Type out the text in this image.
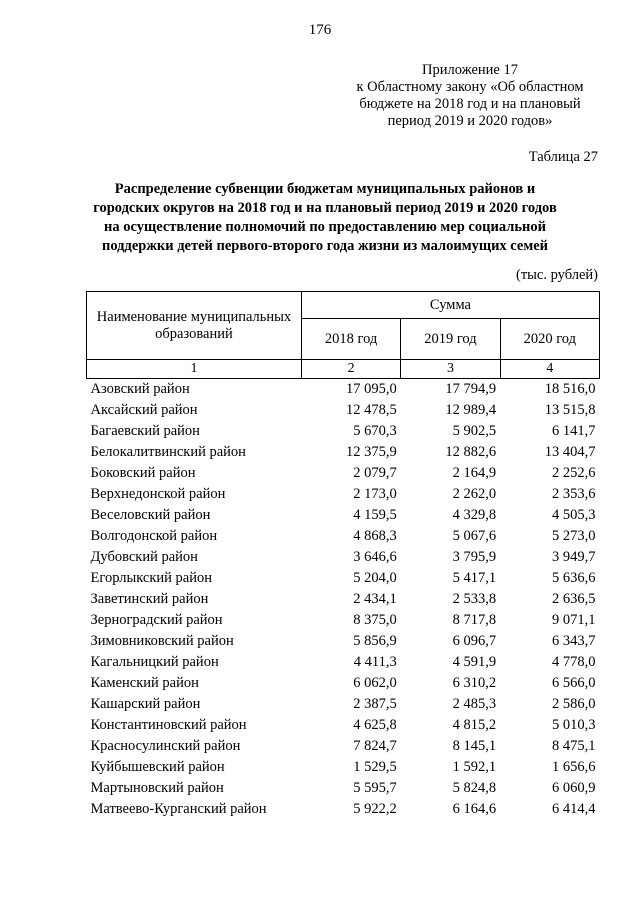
176
Приложение 17
к Областному закону «Об областном
бюджете на 2018 год и на плановый
период 2019 и 2020 годов»
Таблица 27
Распределение субвенции бюджетам муниципальных районов и
городских округов на 2018 год и на плановый период 2019 и 2020 годов
на осуществление полномочий по предоставлению мер социальной
поддержки детей первого-второго года жизни из малоимущих семей
(тыс. рублей)
Наименование муниципальных
образований	Сумма		
	2018 год	2019 год	2020 год
1	2	3	4
Азовский район	17 095,0	17 794,9	18 516,0
Аксайский район	12 478,5	12 989,4	13 515,8
Багаевский район	5 670,3	5 902,5	6 141,7
Белокалитвинский район	12 375,9	12 882,6	13 404,7
Боковский район	2 079,7	2 164,9	2 252,6
Верхнедонской район	2 173,0	2 262,0	2 353,6
Веселовский район	4 159,5	4 329,8	4 505,3
Волгодонской район	4 868,3	5 067,6	5 273,0
Дубовский район	3 646,6	3 795,9	3 949,7
Егорлыкский район	5 204,0	5 417,1	5 636,6
Заветинский район	2 434,1	2 533,8	2 636,5
Зерноградский район	8 375,0	8 717,8	9 071,1
Зимовниковский район	5 856,9	6 096,7	6 343,7
Кагальницкий район	4 411,3	4 591,9	4 778,0
Каменский район	6 062,0	6 310,2	6 566,0
Кашарский район	2 387,5	2 485,3	2 586,0
Константиновский район	4 625,8	4 815,2	5 010,3
Красносулинский район	7 824,7	8 145,1	8 475,1
Куйбышевский район	1 529,5	1 592,1	1 656,6
Мартыновский район	5 595,7	5 824,8	6 060,9
Матвеево-Курганский район	5 922,2	6 164,6	6 414,4
